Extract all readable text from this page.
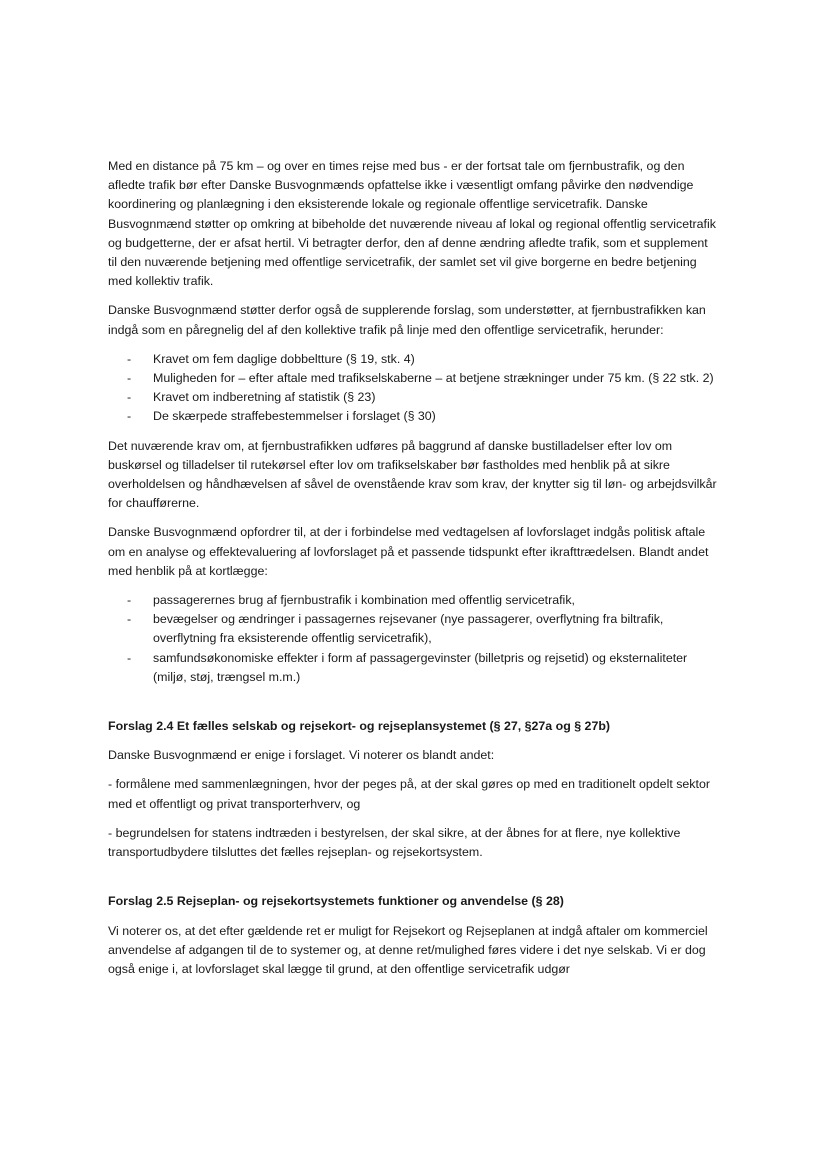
Med en distance på 75 km – og over en times rejse med bus - er der fortsat tale om fjernbustrafik, og den afledte trafik bør efter Danske Busvognmænds opfattelse ikke i væsentligt omfang påvirke den nødvendige koordinering og planlægning i den eksisterende lokale og regionale offentlige servicetrafik. Danske Busvognmænd støtter op omkring at bibeholde det nuværende niveau af lokal og regional offentlig servicetrafik og budgetterne, der er afsat hertil. Vi betragter derfor, den af denne ændring afledte trafik, som et supplement til den nuværende betjening med offentlige servicetrafik, der samlet set vil give borgerne en bedre betjening med kollektiv trafik.

Danske Busvognmænd støtter derfor også de supplerende forslag, som understøtter, at fjernbustrafikken kan indgå som en påregnelig del af den kollektive trafik på linje med den offentlige servicetrafik, herunder:

- Kravet om fem daglige dobbeltture (§ 19, stk. 4)
- Muligheden for – efter aftale med trafikselskaberne – at betjene strækninger under 75 km. (§ 22 stk. 2)
- Kravet om indberetning af statistik (§ 23)
- De skærpede straffebestemmelser i forslaget (§ 30)

Det nuværende krav om, at fjernbustrafikken udføres på baggrund af danske bustilladelser efter lov om buskørsel og tilladelser til rutekørsel efter lov om trafikselskaber bør fastholdes med henblik på at sikre overholdelsen og håndhævelsen af såvel de ovenstående krav som krav, der knytter sig til løn- og arbejdsvilkår for chaufførerne.

Danske Busvognmænd opfordrer til, at der i forbindelse med vedtagelsen af lovforslaget indgås politisk aftale om en analyse og effektevaluering af lovforslaget på et passende tidspunkt efter ikrafttrædelsen. Blandt andet med henblik på at kortlægge:

- passagerernes brug af fjernbustrafik i kombination med offentlig servicetrafik,
- bevægelser og ændringer i passagernes rejsevaner (nye passagerer, overflytning fra biltrafik, overflytning fra eksisterende offentlig servicetrafik),
- samfundsøkonomiske effekter i form af passagergevinster (billetpris og rejsetid) og eksternaliteter (miljø, støj, trængsel m.m.)
Forslag 2.4 Et fælles selskab og rejsekort- og rejseplansystemet (§ 27, §27a og § 27b)

Danske Busvognmænd er enige i forslaget. Vi noterer os blandt andet:

- formålene med sammenlægningen, hvor der peges på, at der skal gøres op med en traditionelt opdelt sektor med et offentligt og privat transporterhverv, og

- begrundelsen for statens indtræden i bestyrelsen, der skal sikre, at der åbnes for at flere, nye kollektive transportudbydere tilsluttes det fælles rejseplan- og rejsekortsystem.

Forslag 2.5 Rejseplan- og rejsekortsystemets funktioner og anvendelse (§ 28)

Vi noterer os, at det efter gældende ret er muligt for Rejsekort og Rejseplanen at indgå aftaler om kommerciel anvendelse af adgangen til de to systemer og, at denne ret/mulighed føres videre i det nye selskab. Vi er dog også enige i, at lovforslaget skal lægge til grund, at den offentlige servicetrafik udgør
